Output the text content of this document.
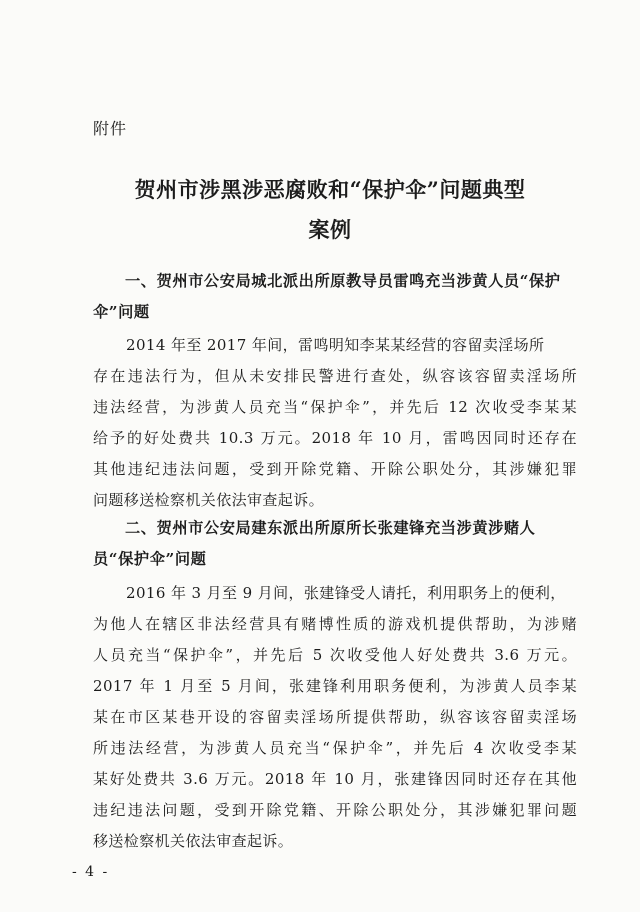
附件
贺州市涉黑涉恶腐败和“保护伞”问题典型
案例
一、贺州市公安局城北派出所原教导员雷鸣充当涉黄人员“保护伞”问题
2014 年至 2017 年间，雷鸣明知李某某经营的容留卖淫场所
存在违法行为，但从未安排民警进行查处，纵容该容留卖淫场所
违法经营，为涉黄人员充当“保护伞”，并先后 12 次收受李某某
给予的好处费共 10.3 万元。2018 年 10 月，雷鸣因同时还存在
其他违纪违法问题，受到开除党籍、开除公职处分，其涉嫌犯罪
问题移送检察机关依法审查起诉。
二、贺州市公安局建东派出所原所长张建锋充当涉黄涉赌人员“保护伞”问题
2016 年 3 月至 9 月间，张建锋受人请托，利用职务上的便利，
为他人在辖区非法经营具有赌博性质的游戏机提供帮助，为涉赌
人员充当“保护伞”，并先后 5 次收受他人好处费共 3.6 万元。
2017 年 1 月至 5 月间，张建锋利用职务便利，为涉黄人员李某
某在市区某巷开设的容留卖淫场所提供帮助，纵容该容留卖淫场
所违法经营，为涉黄人员充当“保护伞”，并先后 4 次收受李某
某好处费共 3.6 万元。2018 年 10 月，张建锋因同时还存在其他
违纪违法问题，受到开除党籍、开除公职处分，其涉嫌犯罪问题
移送检察机关依法审查起诉。
- 4 -
